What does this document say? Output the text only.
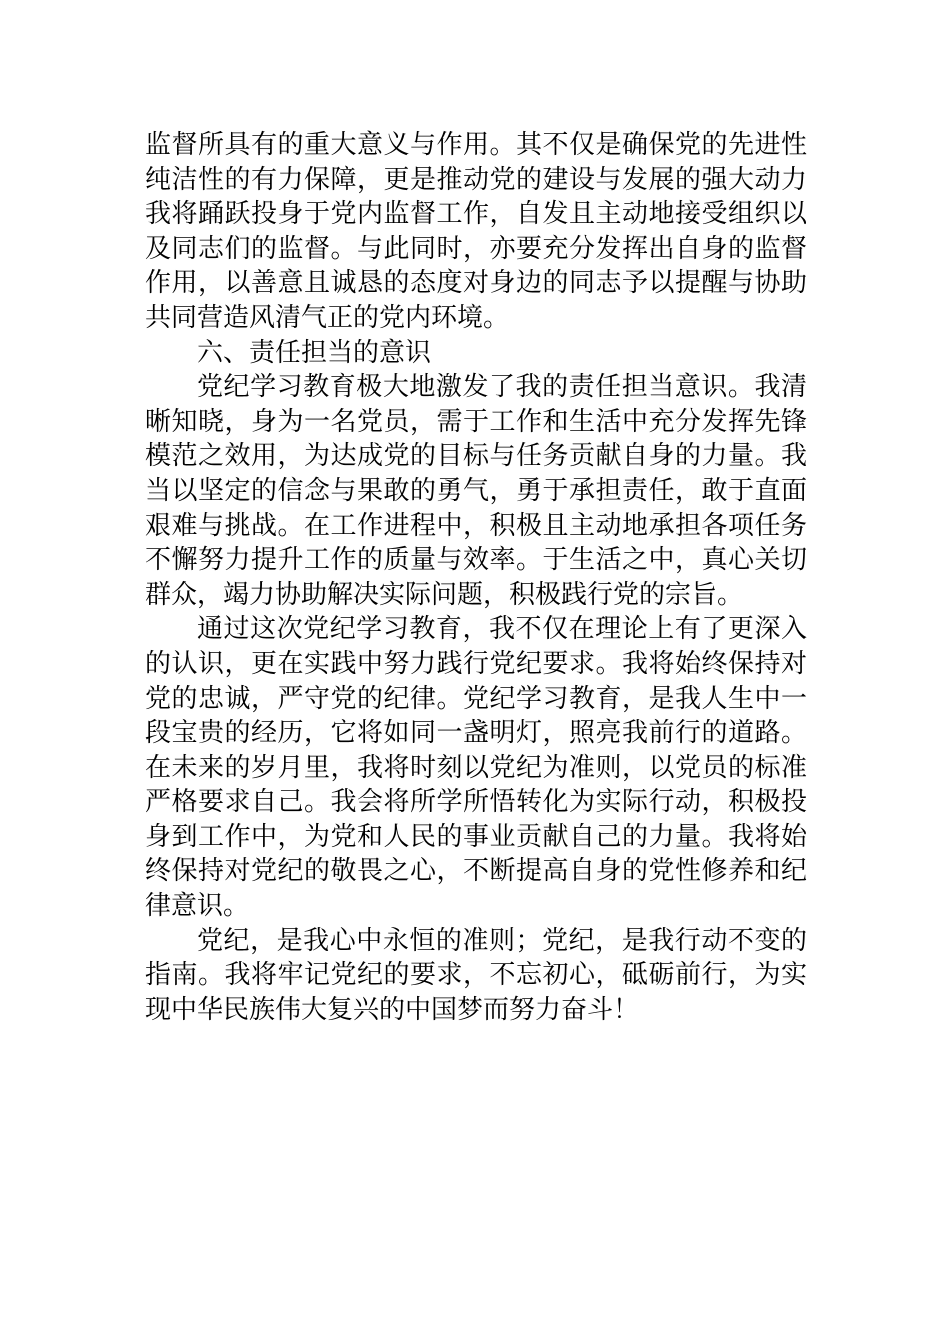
监督所具有的重大意义与作用。其不仅是确保党的先进性
纯洁性的有力保障，更是推动党的建设与发展的强大动力
我将踊跃投身于党内监督工作，自发且主动地接受组织以
及同志们的监督。与此同时，亦要充分发挥出自身的监督
作用，以善意且诚恳的态度对身边的同志予以提醒与协助
共同营造风清气正的党内环境。
六、责任担当的意识
党纪学习教育极大地激发了我的责任担当意识。我清
晰知晓，身为一名党员，需于工作和生活中充分发挥先锋
模范之效用，为达成党的目标与任务贡献自身的力量。我
当以坚定的信念与果敢的勇气，勇于承担责任，敢于直面
艰难与挑战。在工作进程中，积极且主动地承担各项任务
不懈努力提升工作的质量与效率。于生活之中，真心关切
群众，竭力协助解决实际问题，积极践行党的宗旨。
通过这次党纪学习教育，我不仅在理论上有了更深入
的认识，更在实践中努力践行党纪要求。我将始终保持对
党的忠诚，严守党的纪律。党纪学习教育，是我人生中一
段宝贵的经历，它将如同一盏明灯，照亮我前行的道路。
在未来的岁月里，我将时刻以党纪为准则，以党员的标准
严格要求自己。我会将所学所悟转化为实际行动，积极投
身到工作中，为党和人民的事业贡献自己的力量。我将始
终保持对党纪的敬畏之心，不断提高自身的党性修养和纪
律意识。
党纪，是我心中永恒的准则；党纪，是我行动不变的
指南。我将牢记党纪的要求，不忘初心，砥砺前行，为实
现中华民族伟大复兴的中国梦而努力奋斗！
